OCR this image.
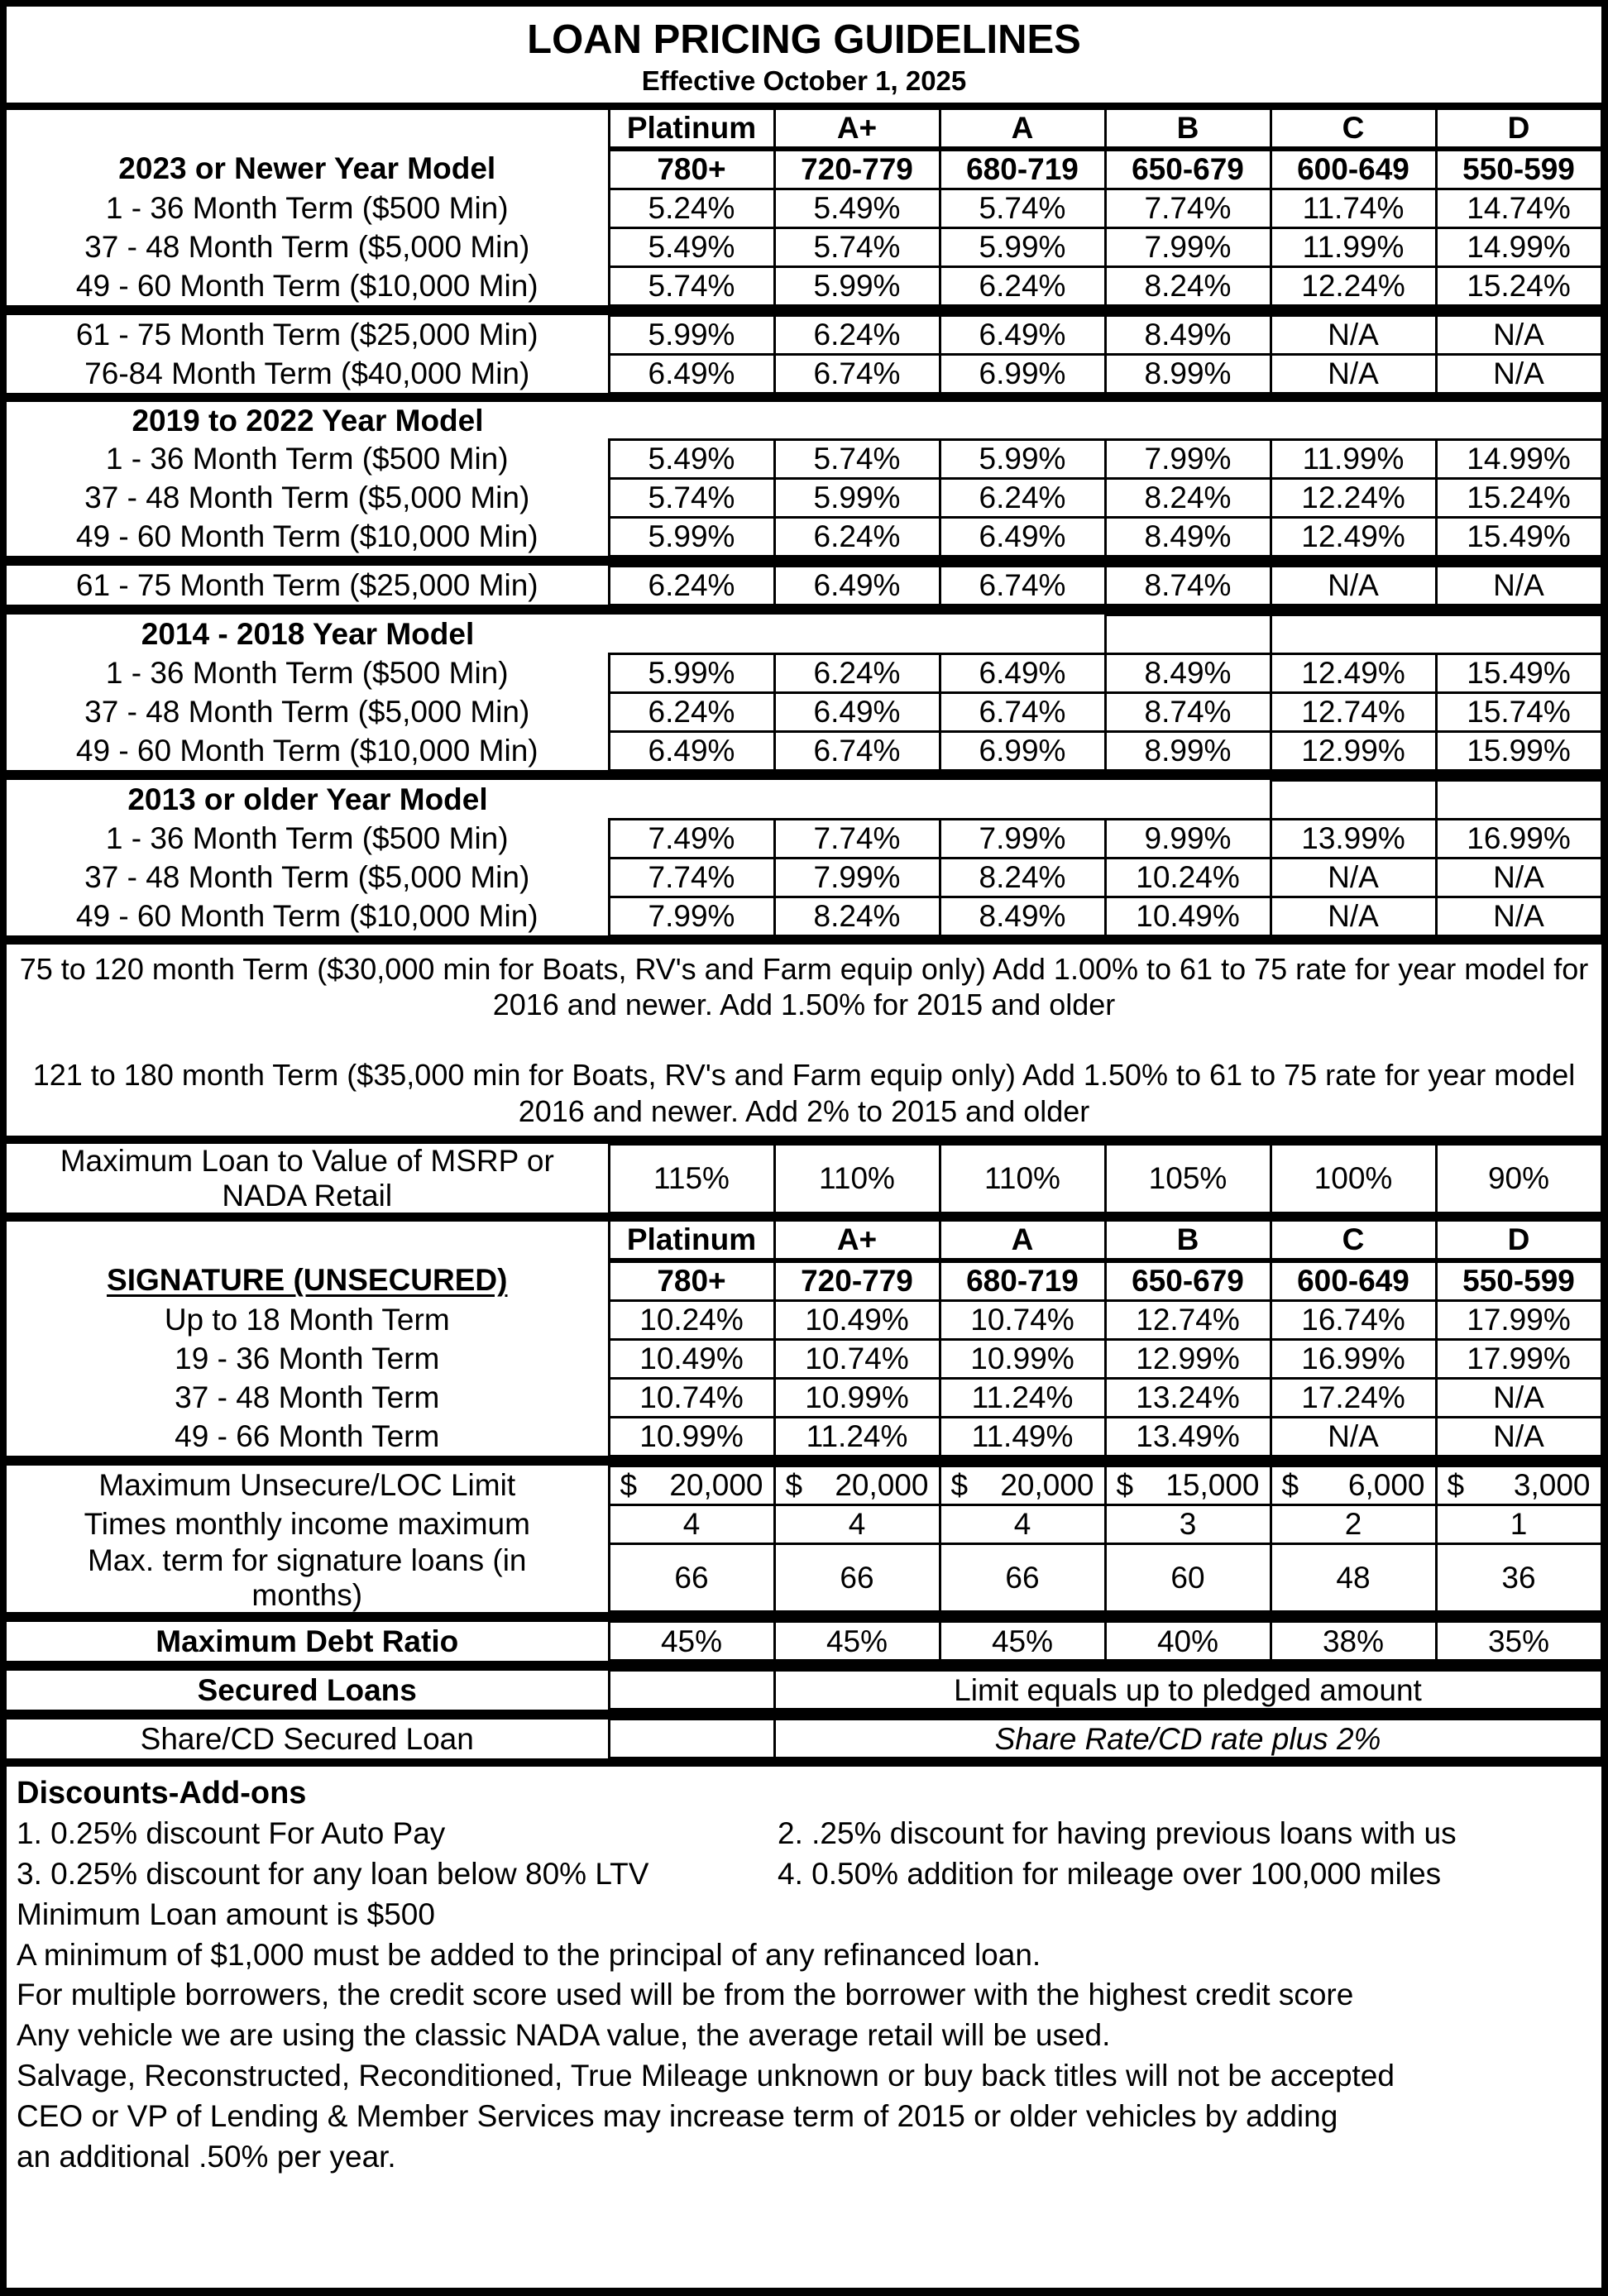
LOAN PRICING GUIDELINES
Effective October 1, 2025
	Platinum	A+	A	B	C	D
2023 or Newer Year Model	780+	720-779	680-719	650-679	600-649	550-599
1 - 36 Month Term ($500 Min)	5.24%	5.49%	5.74%	7.74%	11.74%	14.74%
37 - 48 Month Term ($5,000 Min)	5.49%	5.74%	5.99%	7.99%	11.99%	14.99%
49 - 60 Month Term ($10,000 Min)	5.74%	5.99%	6.24%	8.24%	12.24%	15.24%

61 - 75 Month Term ($25,000 Min)	5.99%	6.24%	6.49%	8.49%	N/A	N/A
76-84 Month Term ($40,000 Min)	6.49%	6.74%	6.99%	8.99%	N/A	N/A

2019 to 2022 Year Model						
1 - 36 Month Term ($500 Min)	5.49%	5.74%	5.99%	7.99%	11.99%	14.99%
37 - 48 Month Term ($5,000 Min)	5.74%	5.99%	6.24%	8.24%	12.24%	15.24%
49 - 60 Month Term ($10,000 Min)	5.99%	6.24%	6.49%	8.49%	12.49%	15.49%

61 - 75 Month Term ($25,000 Min)	6.24%	6.49%	6.74%	8.74%	N/A	N/A

2014 - 2018 Year Model						
1 - 36 Month Term ($500 Min)	5.99%	6.24%	6.49%	8.49%	12.49%	15.49%
37 - 48 Month Term ($5,000 Min)	6.24%	6.49%	6.74%	8.74%	12.74%	15.74%
49 - 60 Month Term ($10,000 Min)	6.49%	6.74%	6.99%	8.99%	12.99%	15.99%

2013 or older Year Model						
1 - 36 Month Term ($500 Min)	7.49%	7.74%	7.99%	9.99%	13.99%	16.99%
37 - 48 Month Term ($5,000 Min)	7.74%	7.99%	8.24%	10.24%	N/A	N/A
49 - 60 Month Term ($10,000 Min)	7.99%	8.24%	8.49%	10.49%	N/A	N/A

75 to 120 month Term ($30,000 min for Boats, RV's and Farm equip only) Add 1.00% to 61 to 75 rate for year model for 2016 and newer. Add 1.50% for 2015 and older

121 to 180 month Term ($35,000 min for Boats, RV's and Farm equip only) Add 1.50% to 61 to 75 rate for year model 2016 and newer. Add 2% to 2015 and older						

Maximum Loan to Value of MSRP or NADA Retail	115%	110%	110%	105%	100%	90%

	Platinum	A+	A	B	C	D
SIGNATURE (UNSECURED)	780+	720-779	680-719	650-679	600-649	550-599
Up to 18 Month Term	10.24%	10.49%	10.74%	12.74%	16.74%	17.99%
19 - 36 Month Term	10.49%	10.74%	10.99%	12.99%	16.99%	17.99%
37 - 48 Month Term	10.74%	10.99%	11.24%	13.24%	17.24%	N/A
49 - 66 Month Term	10.99%	11.24%	11.49%	13.49%	N/A	N/A

Maximum Unsecure/LOC Limit	$ 20,000	$ 20,000	$ 20,000	$ 15,000	$ 6,000	$ 3,000

Times monthly income maximum	4	4	4	3	2	1
Max. term for signature loans (in months)	66	66	66	60	48	36

Maximum Debt Ratio	45%	45%	45%	40%	38%	35%

Secured Loans		Limit equals up to pledged amount				

Share/CD Secured Loan		Share Rate/CD rate plus 2%				

Discounts-Add-ons
1. 0.25% discount For Auto Pay	2. .25% discount for having previous loans with us
3. 0.25% discount for any loan below 80% LTV	4. 0.50% addition for mileage over 100,000 miles

Minimum Loan amount is $500

A minimum of $1,000 must be added to the principal of any refinanced loan.

For multiple borrowers, the credit score used will be from the borrower with the highest credit score

Any vehicle we are using the classic NADA value, the average retail will be used.

Salvage, Reconstructed, Reconditioned, True Mileage unknown or buy back titles will not be accepted

CEO or VP of Lending & Member Services may increase term of 2015 or older vehicles by adding

an additional .50% per year.
